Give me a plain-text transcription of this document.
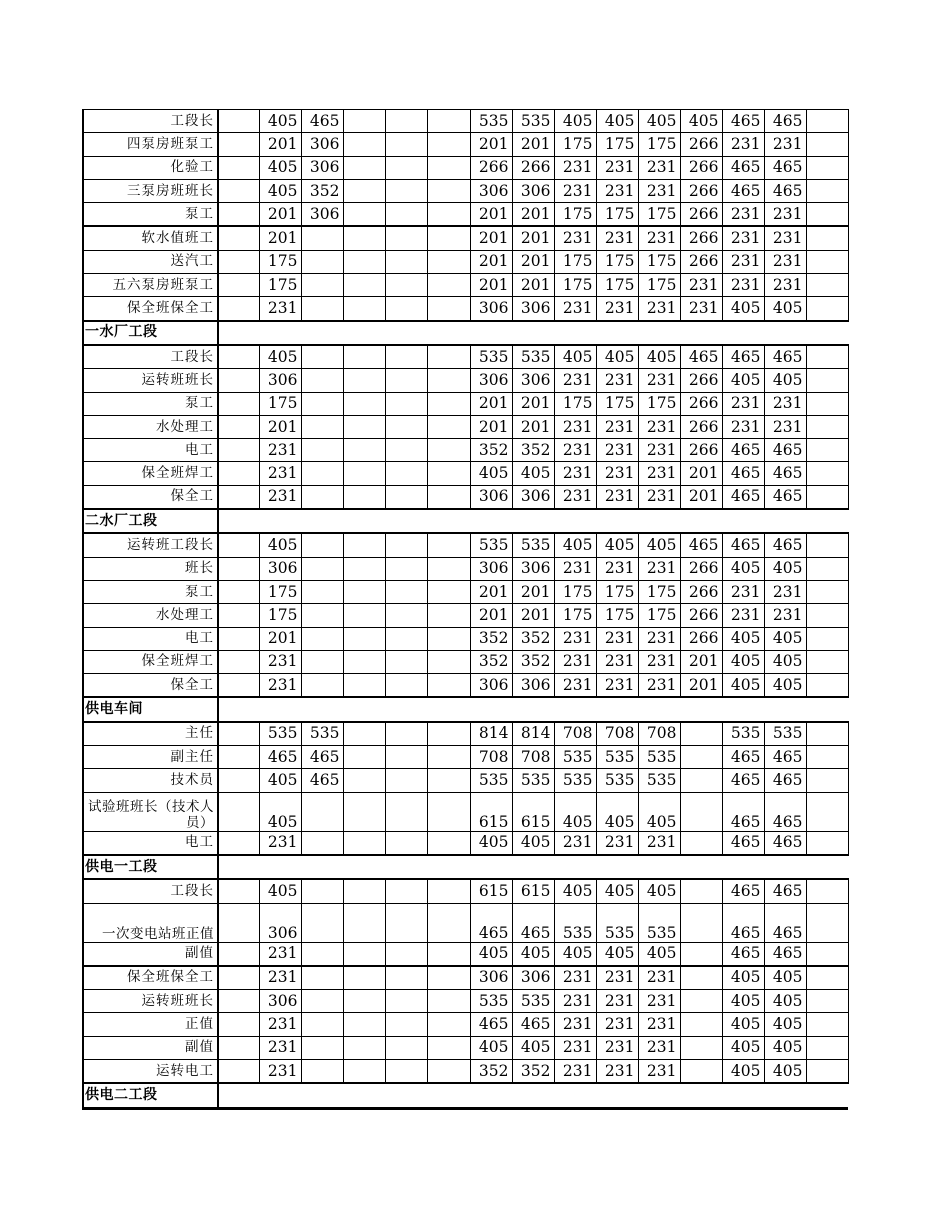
工段长		405	465				535	535	405	405	405	405	465	465	
四泵房班泵工		201	306				201	201	175	175	175	266	231	231	
化验工		405	306				266	266	231	231	231	266	465	465	
三泵房班班长		405	352				306	306	231	231	231	266	465	465	
泵工		201	306				201	201	175	175	175	266	231	231	
软水值班工		201					201	201	231	231	231	266	231	231	
送汽工		175					201	201	175	175	175	266	231	231	
五六泵房班泵工		175					201	201	175	175	175	231	231	231	
保全班保全工		231					306	306	231	231	231	231	405	405	
一水厂工段															
工段长		405					535	535	405	405	405	465	465	465	
运转班班长		306					306	306	231	231	231	266	405	405	
泵工		175					201	201	175	175	175	266	231	231	
水处理工		201					201	201	231	231	231	266	231	231	
电工		231					352	352	231	231	231	266	465	465	
保全班焊工		231					405	405	231	231	231	201	465	465	
保全工		231					306	306	231	231	231	201	465	465	
二水厂工段															
运转班工段长		405					535	535	405	405	405	465	465	465	
班长		306					306	306	231	231	231	266	405	405	
泵工		175					201	201	175	175	175	266	231	231	
水处理工		175					201	201	175	175	175	266	231	231	
电工		201					352	352	231	231	231	266	405	405	
保全班焊工		231					352	352	231	231	231	201	405	405	
保全工		231					306	306	231	231	231	201	405	405	
供电车间															
主任		535	535				814	814	708	708	708		535	535	
副主任		465	465				708	708	535	535	535		465	465	
技术员		405	465				535	535	535	535	535		465	465	
试验班班长（技术人员）		405					615	615	405	405	405		465	465	
电工		231					405	405	231	231	231		465	465	
供电一工段															
工段长		405					615	615	405	405	405		465	465	
一次变电站班正值		306					465	465	535	535	535		465	465	
副值		231					405	405	405	405	405		465	465	
保全班保全工		231					306	306	231	231	231		405	405	
运转班班长		306					535	535	231	231	231		405	405	
正值		231					465	465	231	231	231		405	405	
副值		231					405	405	231	231	231		405	405	
运转电工		231					352	352	231	231	231		405	405	
供电二工段															
